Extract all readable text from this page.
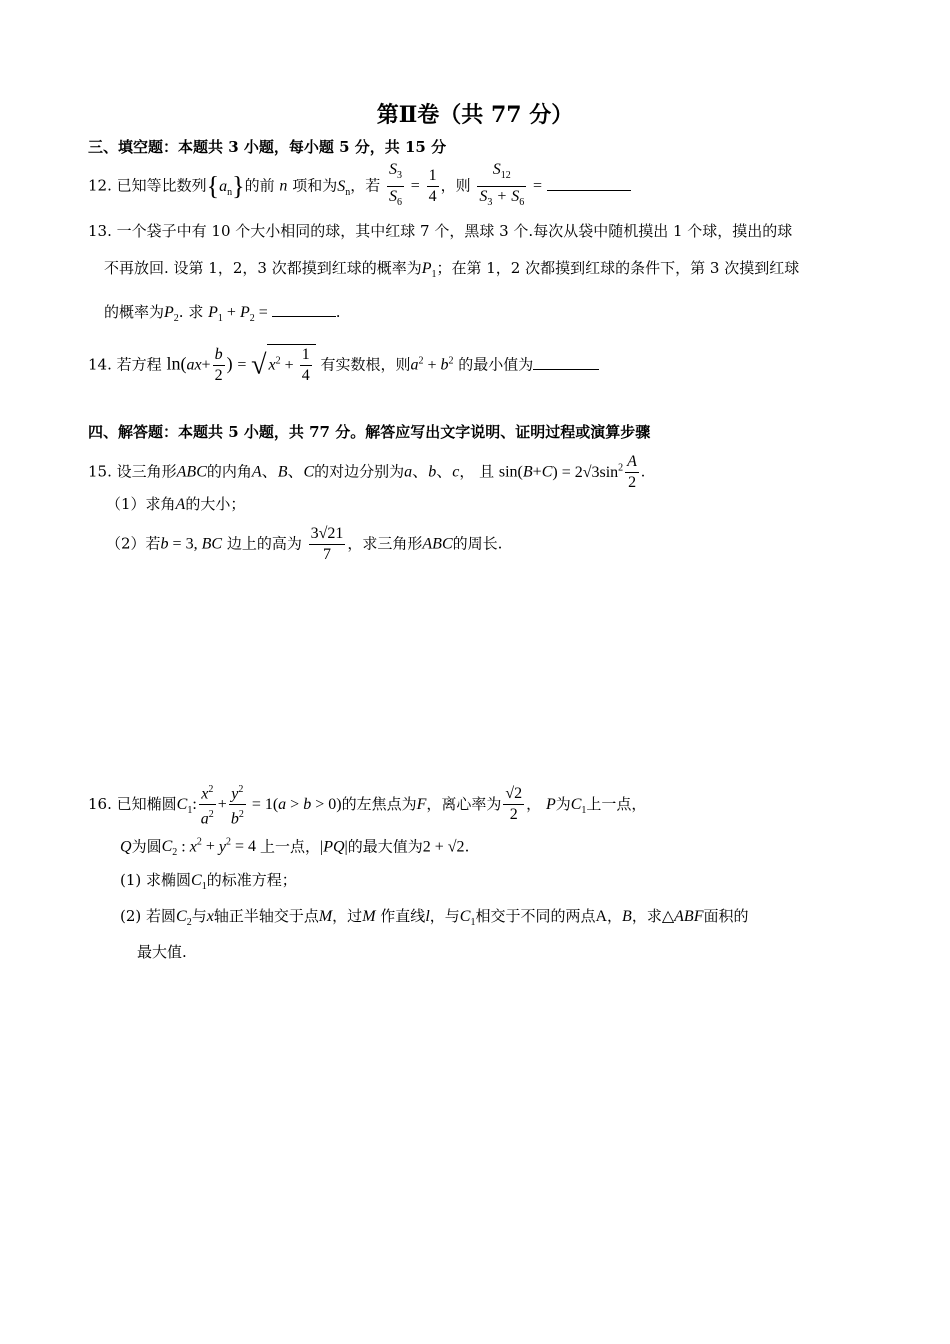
第Ⅱ卷（共 77 分）
三、填空题：本题共 3 小题，每小题 5 分，共 15 分
12. 已知等比数列$\{a_n\}$的前 n 项和为$S_n$，若 $\frac{S_3}{S_6} = \frac{1}{4}$ ，则 $\frac{S_{12}}{S_3 + S_6}$ =
13. 一个袋子中有 10 个大小相同的球，其中红球 7 个，黑球 3 个.每次从袋中随机摸出 1 个球，摸出的球
不再放回. 设第 1，2，3 次都摸到红球的概率为$P_1$；在第 1，2 次都摸到红球的条件下，第 3 次摸到红球
的概率为$P_2$. 求 $P_1 + P_2$ =	.
14. 若方程 $\ln(ax+ \frac{b}{2}$ ) = √ $x^2 + \frac{1}{4}$ 有实数根，则$a^2 + b^2$ 的最小值为
四、解答题：本题共 5 小题，共 77 分。解答应写出文字说明、证明过程或演算步骤
15. 设三角形ABC的内角A、B、C的对边分别为a、b、c， 且 $\sin(B+C) = 2√3\sin^2 \frac{A}{2}$ .
（1）求角A的大小；
（2）若b = 3, BC 边上的高为 $\frac{3√21}{7}$ ，求三角形ABC的周长.
16. 已知椭圆$C_1$: $\frac{x^2}{a^2} + \frac{y^2}{b^2} = 1(a > b > 0)$的左焦点为F，离心率为 $\frac{√2}{2}$ ， P为$C_1$上一点，
Q为圆$C_2$ : $x^2 + y^2 = 4$ 上一点，|PQ|的最大值为2 + √2.
(1) 求椭圆$C_1$的标准方程；
(2) 若圆$C_2$与x轴正半轴交于点M，过M 作直线l，与$C_1$相交于不同的两点A，B，求△ABF面积的
最大值.
